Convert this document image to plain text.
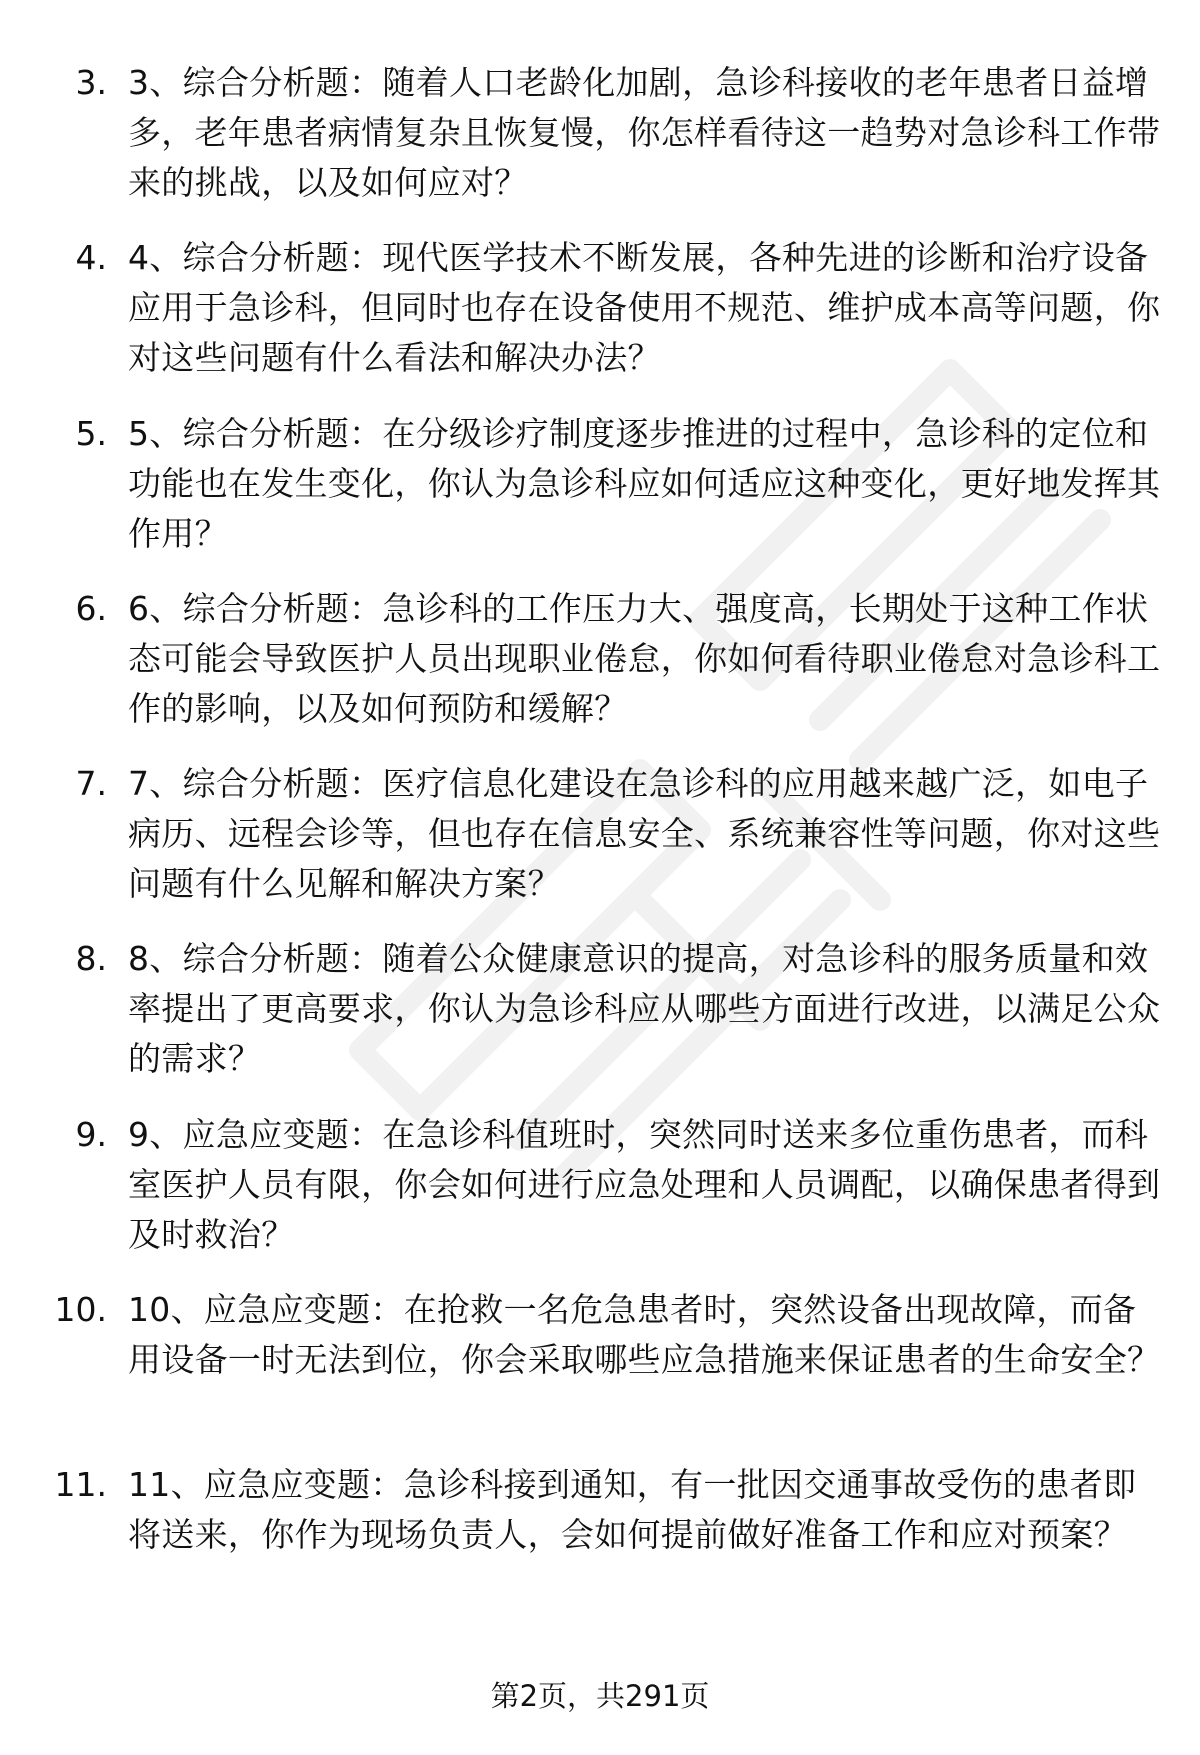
3. 3、综合分析题：随着人口老龄化加剧，急诊科接收的老年患者日益增多，老年患者病情复杂且恢复慢，你怎样看待这一趋势对急诊科工作带来的挑战，以及如何应对？
4. 4、综合分析题：现代医学技术不断发展，各种先进的诊断和治疗设备应用于急诊科，但同时也存在设备使用不规范、维护成本高等问题，你对这些问题有什么看法和解决办法？
5. 5、综合分析题：在分级诊疗制度逐步推进的过程中，急诊科的定位和功能也在发生变化，你认为急诊科应如何适应这种变化，更好地发挥其作用？
6. 6、综合分析题：急诊科的工作压力大、强度高，长期处于这种工作状态可能会导致医护人员出现职业倦怠，你如何看待职业倦怠对急诊科工作的影响，以及如何预防和缓解？
7. 7、综合分析题：医疗信息化建设在急诊科的应用越来越广泛，如电子病历、远程会诊等，但也存在信息安全、系统兼容性等问题，你对这些问题有什么见解和解决方案？
8. 8、综合分析题：随着公众健康意识的提高，对急诊科的服务质量和效率提出了更高要求，你认为急诊科应从哪些方面进行改进，以满足公众的需求？
9. 9、应急应变题：在急诊科值班时，突然同时送来多位重伤患者，而科室医护人员有限，你会如何进行应急处理和人员调配，以确保患者得到及时救治？
10. 10、应急应变题：在抢救一名危急患者时，突然设备出现故障，而备用设备一时无法到位，你会采取哪些应急措施来保证患者的生命安全？
11. 11、应急应变题：急诊科接到通知，有一批因交通事故受伤的患者即将送来，你作为现场负责人，会如何提前做好准备工作和应对预案？
第2页，共291页
